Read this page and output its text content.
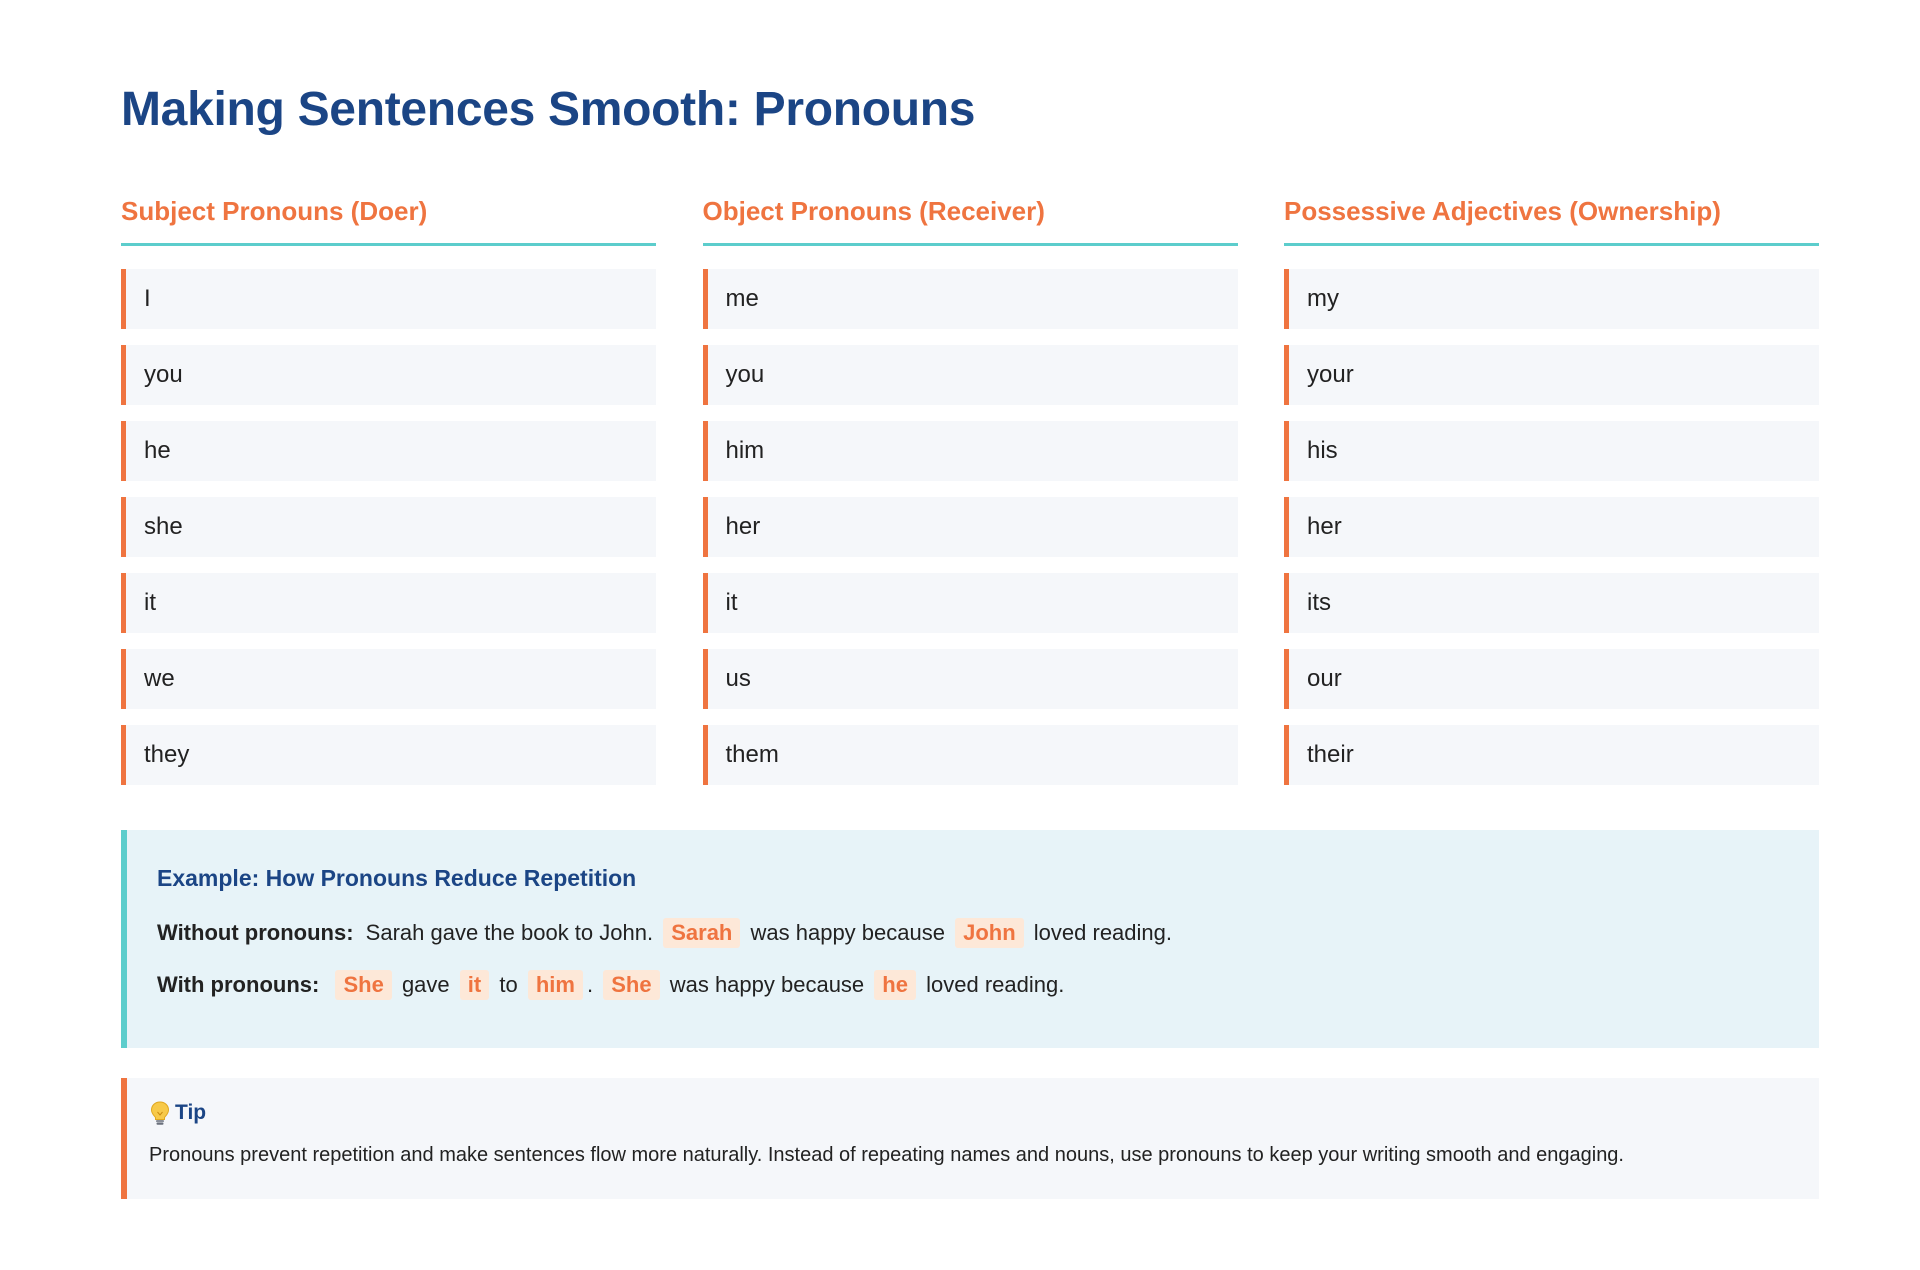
Making Sentences Smooth: Pronouns
Subject Pronouns (Doer)
I
you
he
she
it
we
they
Object Pronouns (Receiver)
me
you
him
her
it
us
them
Possessive Adjectives (Ownership)
my
your
his
her
its
our
their
Example: How Pronouns Reduce Repetition
Without pronouns: Sarah gave the book to John. Sarah was happy because John loved reading.
With pronouns: She gave it to him . She was happy because he loved reading.
Tip
Pronouns prevent repetition and make sentences flow more naturally. Instead of repeating names and nouns, use pronouns to keep your writing smooth and engaging.
